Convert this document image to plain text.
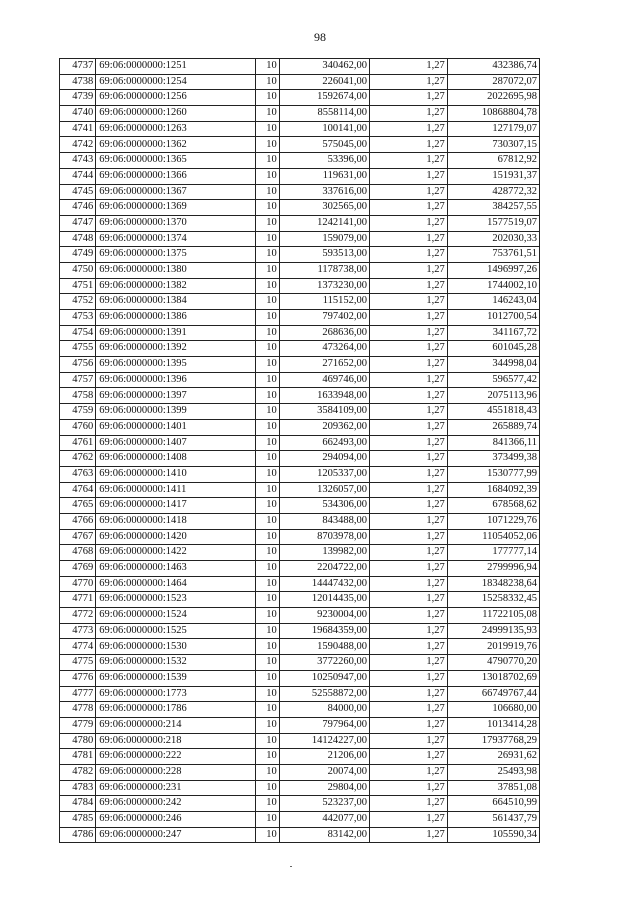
98
4737	69:06:0000000:1251	10	340462,00	1,27	432386,74
4738	69:06:0000000:1254	10	226041,00	1,27	287072,07
4739	69:06:0000000:1256	10	1592674,00	1,27	2022695,98
4740	69:06:0000000:1260	10	8558114,00	1,27	10868804,78
4741	69:06:0000000:1263	10	100141,00	1,27	127179,07
4742	69:06:0000000:1362	10	575045,00	1,27	730307,15
4743	69:06:0000000:1365	10	53396,00	1,27	67812,92
4744	69:06:0000000:1366	10	119631,00	1,27	151931,37
4745	69:06:0000000:1367	10	337616,00	1,27	428772,32
4746	69:06:0000000:1369	10	302565,00	1,27	384257,55
4747	69:06:0000000:1370	10	1242141,00	1,27	1577519,07
4748	69:06:0000000:1374	10	159079,00	1,27	202030,33
4749	69:06:0000000:1375	10	593513,00	1,27	753761,51
4750	69:06:0000000:1380	10	1178738,00	1,27	1496997,26
4751	69:06:0000000:1382	10	1373230,00	1,27	1744002,10
4752	69:06:0000000:1384	10	115152,00	1,27	146243,04
4753	69:06:0000000:1386	10	797402,00	1,27	1012700,54
4754	69:06:0000000:1391	10	268636,00	1,27	341167,72
4755	69:06:0000000:1392	10	473264,00	1,27	601045,28
4756	69:06:0000000:1395	10	271652,00	1,27	344998,04
4757	69:06:0000000:1396	10	469746,00	1,27	596577,42
4758	69:06:0000000:1397	10	1633948,00	1,27	2075113,96
4759	69:06:0000000:1399	10	3584109,00	1,27	4551818,43
4760	69:06:0000000:1401	10	209362,00	1,27	265889,74
4761	69:06:0000000:1407	10	662493,00	1,27	841366,11
4762	69:06:0000000:1408	10	294094,00	1,27	373499,38
4763	69:06:0000000:1410	10	1205337,00	1,27	1530777,99
4764	69:06:0000000:1411	10	1326057,00	1,27	1684092,39
4765	69:06:0000000:1417	10	534306,00	1,27	678568,62
4766	69:06:0000000:1418	10	843488,00	1,27	1071229,76
4767	69:06:0000000:1420	10	8703978,00	1,27	11054052,06
4768	69:06:0000000:1422	10	139982,00	1,27	177777,14
4769	69:06:0000000:1463	10	2204722,00	1,27	2799996,94
4770	69:06:0000000:1464	10	14447432,00	1,27	18348238,64
4771	69:06:0000000:1523	10	12014435,00	1,27	15258332,45
4772	69:06:0000000:1524	10	9230004,00	1,27	11722105,08
4773	69:06:0000000:1525	10	19684359,00	1,27	24999135,93
4774	69:06:0000000:1530	10	1590488,00	1,27	2019919,76
4775	69:06:0000000:1532	10	3772260,00	1,27	4790770,20
4776	69:06:0000000:1539	10	10250947,00	1,27	13018702,69
4777	69:06:0000000:1773	10	52558872,00	1,27	66749767,44
4778	69:06:0000000:1786	10	84000,00	1,27	106680,00
4779	69:06:0000000:214	10	797964,00	1,27	1013414,28
4780	69:06:0000000:218	10	14124227,00	1,27	17937768,29
4781	69:06:0000000:222	10	21206,00	1,27	26931,62
4782	69:06:0000000:228	10	20074,00	1,27	25493,98
4783	69:06:0000000:231	10	29804,00	1,27	37851,08
4784	69:06:0000000:242	10	523237,00	1,27	664510,99
4785	69:06:0000000:246	10	442077,00	1,27	561437,79
4786	69:06:0000000:247	10	83142,00	1,27	105590,34
